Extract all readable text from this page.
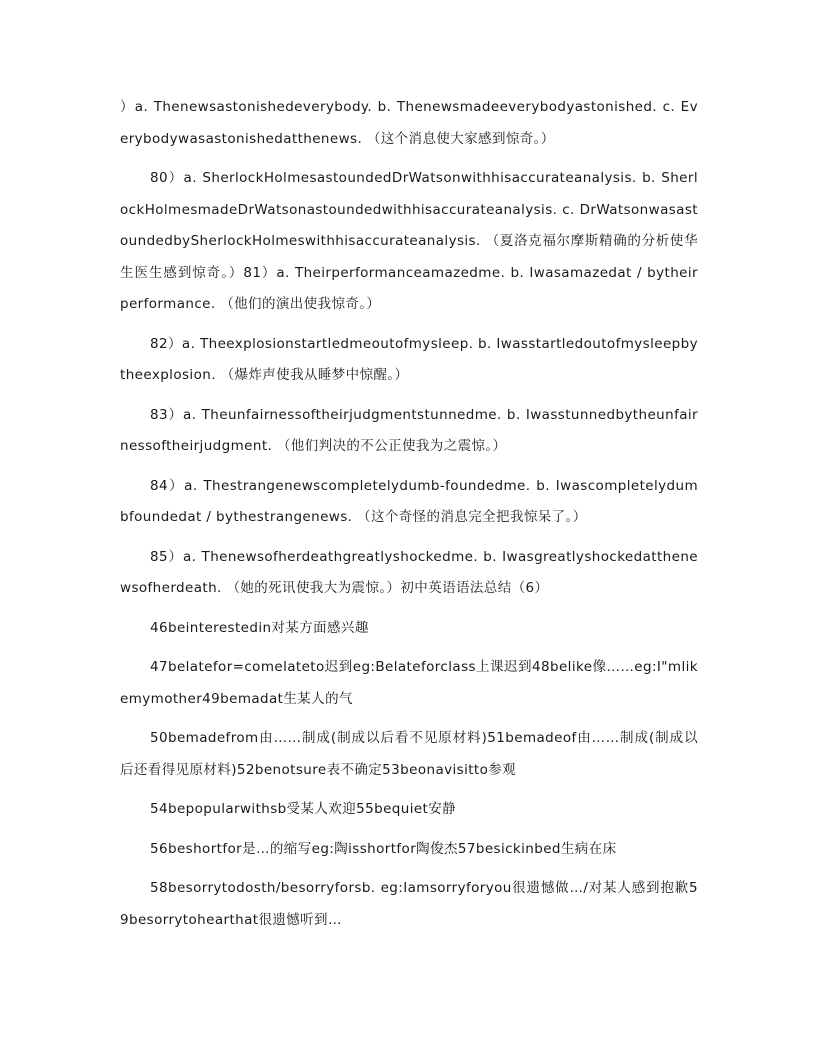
）a. Thenewsastonishedeverybody. b. Thenewsmadeeverybodyastonished. c. Everybodywasastonishedatthenews. （这个消息使大家感到惊奇。）

80）a. SherlockHolmesastoundedDrWatsonwithhisaccurateanalysis. b. SherlockHolmesmadeDrWatsonastoundedwithhisaccurateanalysis. c. DrWatsonwasastoundedbySherlockHolmeswithhisaccurateanalysis. （夏洛克福尔摩斯精确的分析使华生医生感到惊奇。）81）a. Theirperformanceamazedme. b. Iwasamazedat / bytheirperformance. （他们的演出使我惊奇。）

82）a. Theexplosionstartledmeoutofmysleep. b. Iwasstartledoutofmysleepbytheexplosion. （爆炸声使我从睡梦中惊醒。）

83）a. Theunfairnessoftheirjudgmentstunnedme. b. Iwasstunnedbytheunfairnessoftheirjudgment. （他们判决的不公正使我为之震惊。）

84）a. Thestrangenewscompletelydumb-foundedme. b. Iwascompletelydumbfoundedat / bythestrangenews. （这个奇怪的消息完全把我惊呆了。）

85）a. Thenewsofherdeathgreatlyshockedme. b. Iwasgreatlyshockedatthenewsofherdeath. （她的死讯使我大为震惊。）初中英语语法总结（6）

46beinterestedin对某方面感兴趣

47belatefor=comelateto迟到eg:Belateforclass上课迟到48belike像……eg:I"mlikemymother49bemadat生某人的气

50bemadefrom由……制成(制成以后看不见原材料)51bemadeof由……制成(制成以后还看得见原材料)52benotsure表不确定53beonavisitto参观

54bepopularwithsb受某人欢迎55bequiet安静

56beshortfor是…的缩写eg:陶isshortfor陶俊杰57besickinbed生病在床

58besorrytodosth/besorryforsb. eg:Iamsorryforyou很遗憾做…/对某人感到抱歉59besorrytohearthat很遗憾听到…
